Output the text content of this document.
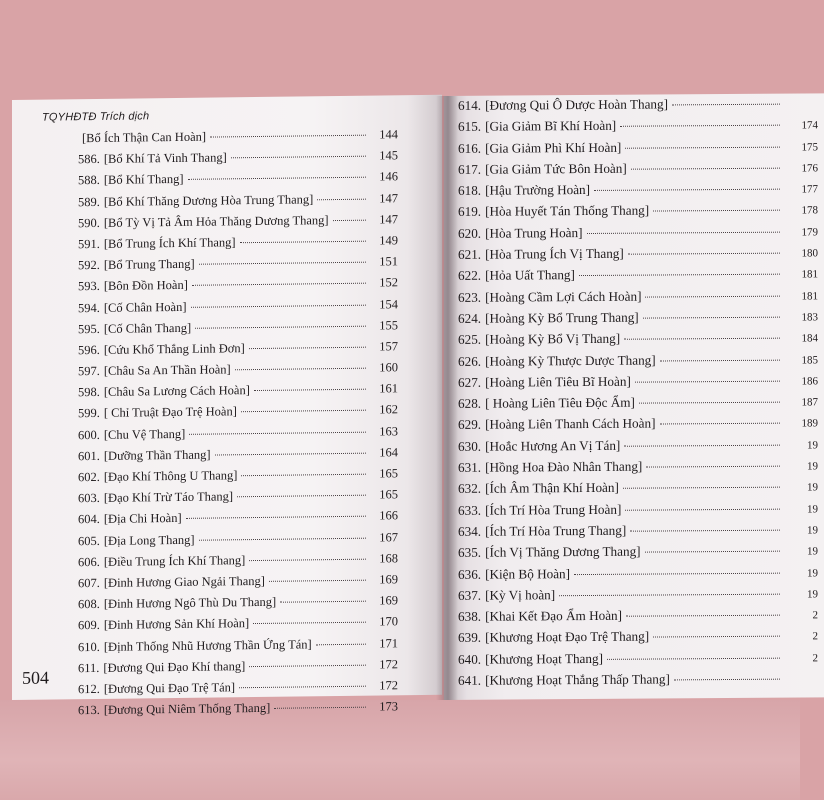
TQYHĐTĐ Trích dịch
[Bổ Ích Thận Can Hoàn]	144
586. [Bổ Khí Tả Vinh Thang]	145
588. [Bổ Khí Thang]	146
589. [Bổ Khí Thăng Dương Hòa Trung Thang]	147
590. [Bổ Tỳ Vị Tả Âm Hỏa Thăng Dương Thang]	147
591. [Bổ Trung Ích Khí Thang]	149
592. [Bổ Trung Thang]	151
593. [Bôn Đồn Hoàn]	152
594. [Cố Chân Hoàn]	154
595. [Cố Chân Thang]	155
596. [Cứu Khổ Thắng Linh Đơn]	157
597. [Châu Sa An Thần Hoàn]	160
598. [Châu Sa Lương Cách Hoàn]	161
599. [ Chỉ Truật Đạo Trệ Hoàn]	162
600. [Chu Vệ Thang]	163
601. [Dưỡng Thần Thang]	164
602. [Đạo Khí Thông U Thang]	165
603. [Đạo Khí Trừ Táo Thang]	165
604. [Địa Chi Hoàn]	166
605. [Địa Long Thang]	167
606. [Điều Trung Ích Khí Thang]	168
607. [Đinh Hương Giao Ngải Thang]	169
608. [Đinh Hương Ngô Thù Du Thang]	169
609. [Đinh Hương Sản Khí Hoàn]	170
610. [Định Thống Nhũ Hương Thần Ứng Tán]	171
611. [Đương Qui Đạo Khí thang]	172
612. [Đương Qui Đạo Trệ Tán]	172
613. [Đương Qui Niêm Thống Thang]	173
504
614. [Đương Qui Ô Dược Hoàn Thang]
615. [Gia Giảm Bĩ Khí Hoàn]	174
616. [Gia Giảm Phì Khí Hoàn]	175
617. [Gia Giảm Tức Bôn Hoàn]	176
618. [Hậu Trường Hoàn]	177
619. [Hòa Huyết Tán Thống Thang]	178
620. [Hòa Trung Hoàn]	179
621. [Hòa Trung Ích Vị Thang]	180
622. [Hỏa Uất Thang]	181
623. [Hoàng Cầm Lợi Cách Hoàn]	181
624. [Hoàng Kỳ Bổ Trung Thang]	183
625. [Hoàng Kỳ Bổ Vị Thang]	184
626. [Hoàng Kỳ Thược Dược Thang]	185
627. [Hoàng Liên Tiêu Bĩ Hoàn]	186
628. [ Hoàng Liên Tiêu Độc Ẩm]	187
629. [Hoàng Liên Thanh Cách Hoàn]	189
630. [Hoắc Hương An Vị Tán]	19
631. [Hồng Hoa Đào Nhân Thang]	19
632. [Ích Âm Thận Khí Hoàn]	19
633. [Ích Trí Hòa Trung Hoàn]	19
634. [Ích Trí Hòa Trung Thang]	19
635. [Ích Vị Thăng Dương Thang]	19
636. [Kiện Bộ Hoàn]	19
637. [Kỳ Vị hoàn]	19
638. [Khai Kết Đạo Ẩm Hoàn]	2
639. [Khương Hoạt Đạo Trệ Thang]	2
640. [Khương Hoạt Thang]	2
641. [Khương Hoạt Thắng Thấp Thang]
